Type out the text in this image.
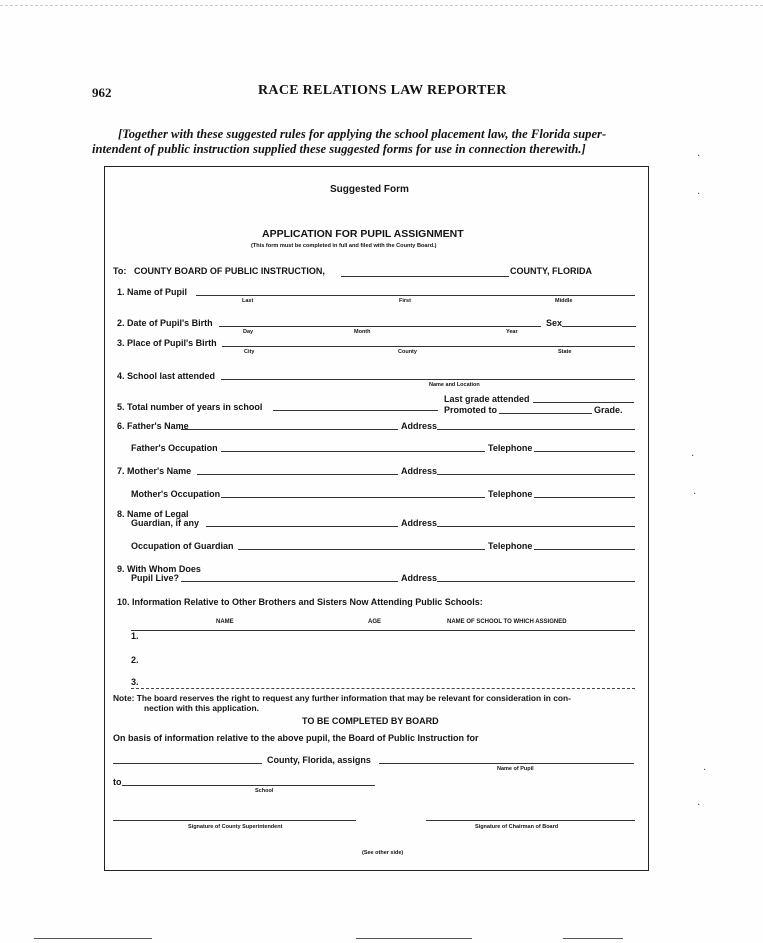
962	RACE RELATIONS LAW REPORTER
[Together with these suggested rules for applying the school placement law, the Florida super-
intendent of public instruction supplied these suggested forms for use in connection therewith.]
Suggested Form
APPLICATION FOR PUPIL ASSIGNMENT
(This form must be completed in full and filed with the County Board.)
To: COUNTY BOARD OF PUBLIC INSTRUCTION,	COUNTY, FLORIDA
1. Name of Pupil
Last	First	Middle
2. Date of Pupil's Birth	Sex
Day	Month	Year
3. Place of Pupil's Birth
City	County	State
4. School last attended
Name and Location
Last grade attended
5. Total number of years in school	Promoted to	Grade.
6. Father's Name	Address
Father's Occupation	Telephone
7. Mother's Name	Address
Mother's Occupation	Telephone
8. Name of Legal
Guardian, if any	Address
Occupation of Guardian	Telephone
9. With Whom Does
Pupil Live?	Address
10. Information Relative to Other Brothers and Sisters Now Attending Public Schools:
NAME	AGE	NAME OF SCHOOL TO WHICH ASSIGNED
1.
2.
3.
Note: The board reserves the right to request any further information that may be relevant for consideration in con-
nection with this application.
TO BE COMPLETED BY BOARD
On basis of information relative to the above pupil, the Board of Public Instruction for
County, Florida, assigns
Name of Pupil
to
School
Signature of County Superintendent	Signature of Chairman of Board
(See other side)
·
·
·
·
·
·
